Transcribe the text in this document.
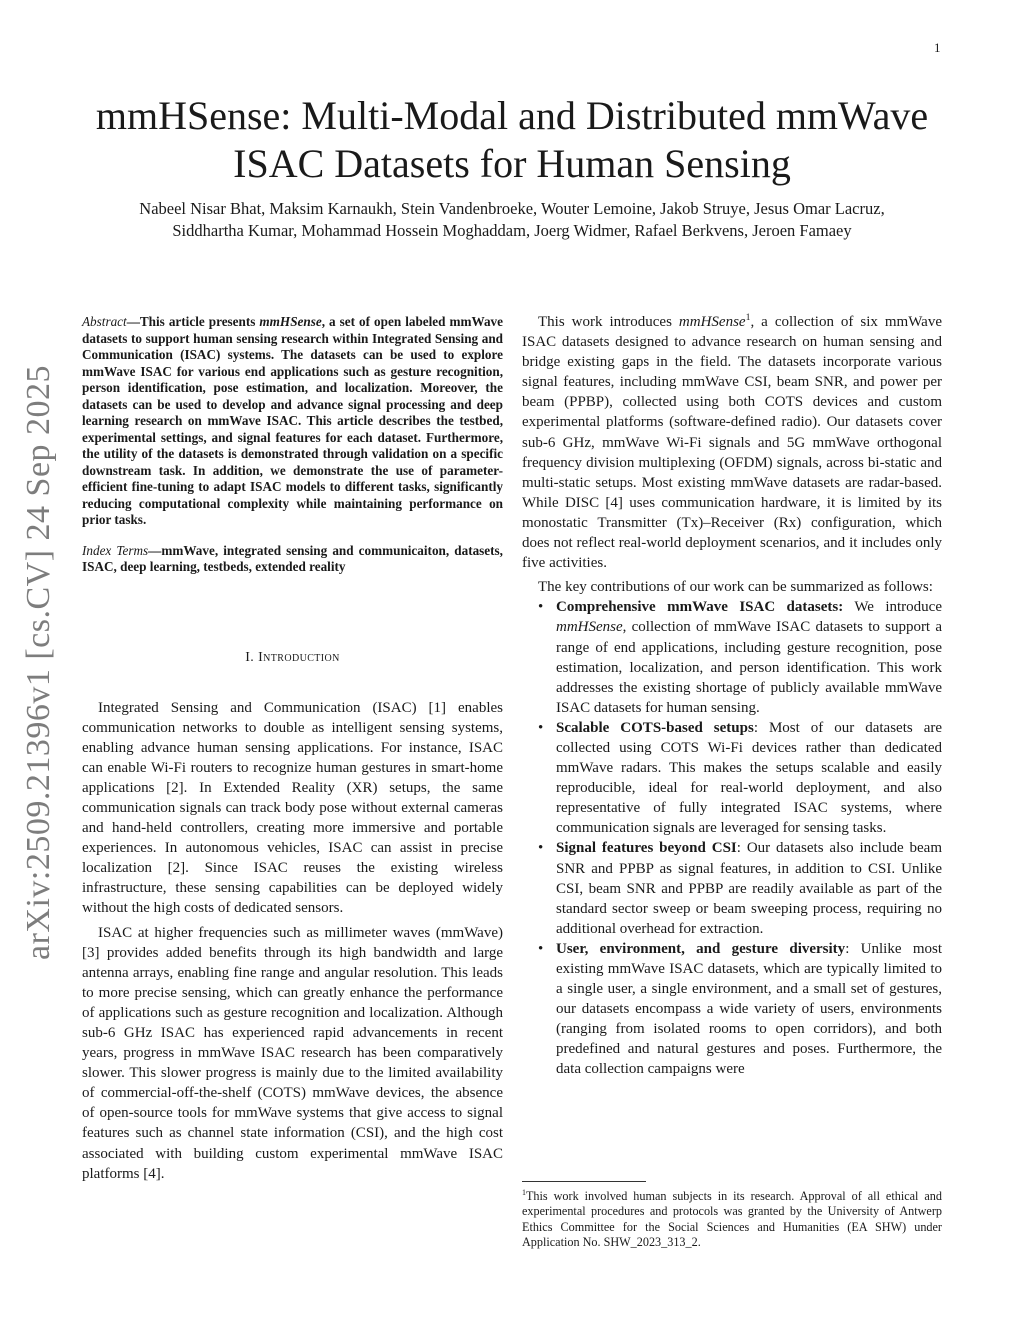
1
arXiv:2509.21396v1 [cs.CV] 24 Sep 2025
mmHSense: Multi-Modal and Distributed mmWave
ISAC Datasets for Human Sensing
Nabeel Nisar Bhat, Maksim Karnaukh, Stein Vandenbroeke, Wouter Lemoine, Jakob Struye, Jesus Omar Lacruz,
Siddhartha Kumar, Mohammad Hossein Moghaddam, Joerg Widmer, Rafael Berkvens, Jeroen Famaey

Abstract—This article presents mmHSense, a set of open labeled mmWave datasets to support human sensing research within Integrated Sensing and Communication (ISAC) systems. The datasets can be used to explore mmWave ISAC for various end applications such as gesture recognition, person identification, pose estimation, and localization. Moreover, the datasets can be used to develop and advance signal processing and deep learning research on mmWave ISAC. This article describes the testbed, experimental settings, and signal features for each dataset. Furthermore, the utility of the datasets is demonstrated through validation on a specific downstream task. In addition, we demonstrate the use of parameter-efficient fine-tuning to adapt ISAC models to different tasks, significantly reducing computational complexity while maintaining performance on prior tasks.

Index Terms—mmWave, integrated sensing and communicaiton, datasets, ISAC, deep learning, testbeds, extended reality

I. Introduction

Integrated Sensing and Communication (ISAC) [1] enables communication networks to double as intelligent sensing systems, enabling advance human sensing applications. For instance, ISAC can enable Wi-Fi routers to recognize human gestures in smart-home applications [2]. In Extended Reality (XR) setups, the same communication signals can track body pose without external cameras and hand-held controllers, creating more immersive and portable experiences. In autonomous vehicles, ISAC can assist in precise localization [2]. Since ISAC reuses the existing wireless infrastructure, these sensing capabilities can be deployed widely without the high costs of dedicated sensors.

ISAC at higher frequencies such as millimeter waves (mmWave) [3] provides added benefits through its high bandwidth and large antenna arrays, enabling fine range and angular resolution. This leads to more precise sensing, which can greatly enhance the performance of applications such as gesture recognition and localization. Although sub-6 GHz ISAC has experienced rapid advancements in recent years, progress in mmWave ISAC research has been comparatively slower. This slower progress is mainly due to the limited availability of commercial-off-the-shelf (COTS) mmWave devices, the absence of open-source tools for mmWave systems that give access to signal features such as channel state information (CSI), and the high cost associated with building custom experimental mmWave ISAC platforms [4].

This work introduces mmHSense$^1$, a collection of six mmWave ISAC datasets designed to advance research on human sensing and bridge existing gaps in the field. The datasets incorporate various signal features, including mmWave CSI, beam SNR, and power per beam (PPBP), collected using both COTS devices and custom experimental platforms (software-defined radio). Our datasets cover sub-6 GHz, mmWave Wi-Fi signals and 5G mmWave orthogonal frequency division multiplexing (OFDM) signals, across bi-static and multi-static setups. Most existing mmWave datasets are radar-based. While DISC [4] uses communication hardware, it is limited by its monostatic Transmitter (Tx)–Receiver (Rx) configuration, which does not reflect real-world deployment scenarios, and it includes only five activities.

The key contributions of our work can be summarized as follows:

• Comprehensive mmWave ISAC datasets: We introduce mmHSense, collection of mmWave ISAC datasets to support a range of end applications, including gesture recognition, pose estimation, localization, and person identification. This work addresses the existing shortage of publicly available mmWave ISAC datasets for human sensing.
• Scalable COTS-based setups: Most of our datasets are collected using COTS Wi-Fi devices rather than dedicated mmWave radars. This makes the setups scalable and easily reproducible, ideal for real-world deployment, and also representative of fully integrated ISAC systems, where communication signals are leveraged for sensing tasks.
• Signal features beyond CSI: Our datasets also include beam SNR and PPBP as signal features, in addition to CSI. Unlike CSI, beam SNR and PPBP are readily available as part of the standard sector sweep or beam sweeping process, requiring no additional overhead for extraction.
• User, environment, and gesture diversity: Unlike most existing mmWave ISAC datasets, which are typically limited to a single user, a single environment, and a small set of gestures, our datasets encompass a wide variety of users, environments (ranging from isolated rooms to open corridors), and both predefined and natural gestures and poses. Furthermore, the data collection campaigns were
$^1$This work involved human subjects in its research. Approval of all ethical and experimental procedures and protocols was granted by the University of Antwerp Ethics Committee for the Social Sciences and Humanities (EA SHW) under Application No. SHW_2023_313_2.
